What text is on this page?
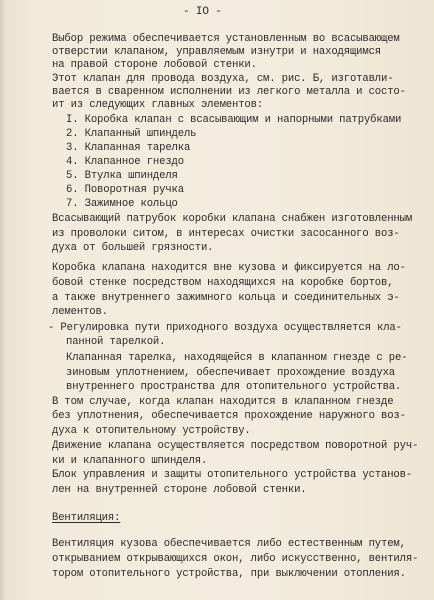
- IO -
Выбор режима обеспечивается установленным во всасывающем
отверстии клапаном, управляемым изнутри и находящимся
на правой стороне лобовой стенки.
Этот клапан для провода воздуха, см. рис. Б, изготавли-
вается в сваренном исполнении из легкого металла и состо-
ит из следующих главных элементов:
I. Коробка клапан с всасывающим и напорными патрубками
2. Клапанный шпиндель
3. Клапанная тарелка
4. Клапанное гнездо
5. Втулка шпинделя
6. Поворотная ручка
7. Зажимное кольцо
Всасывающий патрубок коробки клапана снабжен изготовленным
из проволоки ситом, в интересах очистки засосанного воз-
духа от большей грязности.
Коробка клапана находится вне кузова и фиксируется на ло-
бовой стенке посредством находящихся на коробке бортов,
а также внутреннего зажимного кольца и соединительных э-
лементов.
- Регулировка пути приходного воздуха осуществляется кла-
панной тарелкой.
Клапанная тарелка, находящейся в клапанном гнезде с ре-
зиновым уплотнением, обеспечивает прохождение воздуха
внутреннего пространства для отопительного устройства.
В том случае, когда клапан находится в клапанном гнезде
без уплотнения, обеспечивается прохождение наружного воз-
духа к отопительному устройству.
Движение клапана осуществляется посредством поворотной руч-
ки и клапанного шпинделя.
Блок управления и защиты отопительного устройства установ-
лен на внутренней стороне лобовой стенки.
Вентиляция:
Вентиляция кузова обеспечивается либо естественным путем,
открыванием открывающихся окон, либо искусственно, вентиля-
тором отопительного устройства, при выключении отопления.
